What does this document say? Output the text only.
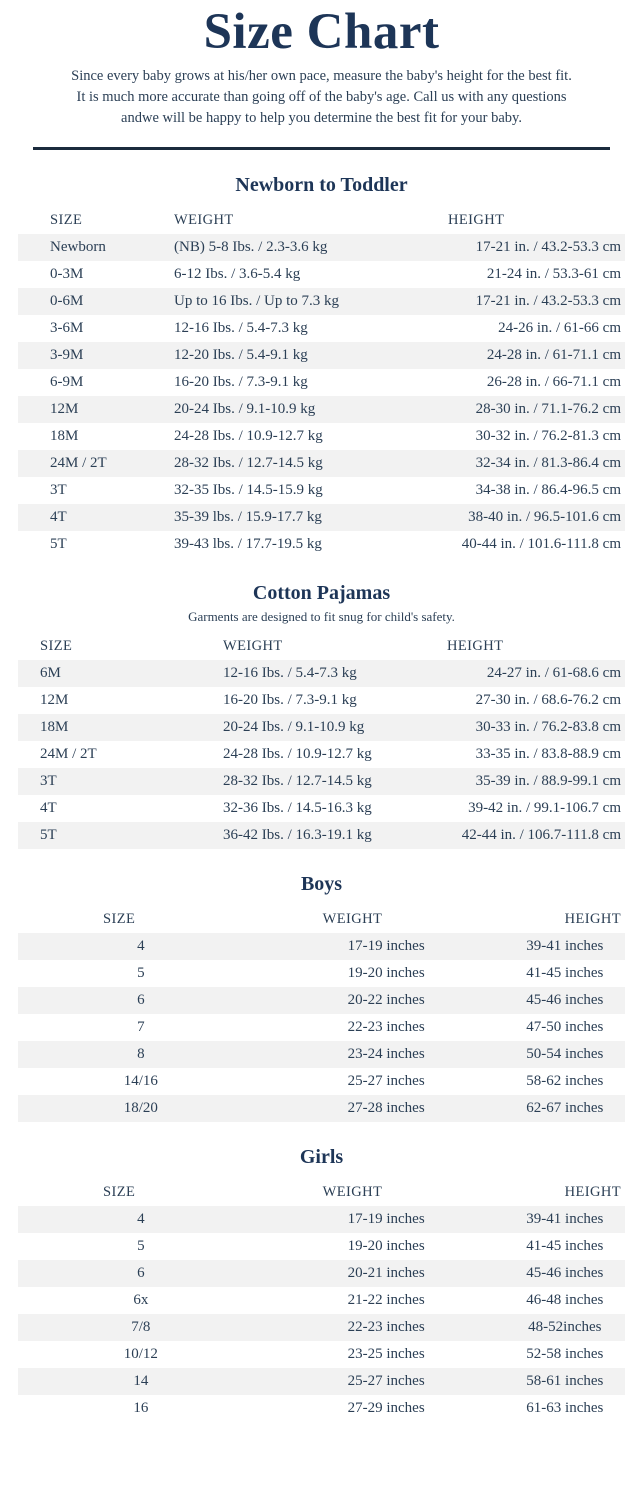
Size Chart
Since every baby grows at his/her own pace, measure the baby's height for the best fit.
It is much more accurate than going off of the baby's age. Call us with any questions
andwe will be happy to help you determine the best fit for your baby.
Newborn to Toddler
SIZE	WEIGHT	HEIGHT
Newborn	(NB) 5-8 Ibs. / 2.3-3.6 kg	17-21 in. / 43.2-53.3 cm
0-3M	6-12 Ibs. / 3.6-5.4 kg	21-24 in. / 53.3-61 cm
0-6M	Up to 16 Ibs. / Up to 7.3 kg	17-21 in. / 43.2-53.3 cm
3-6M	12-16 Ibs. / 5.4-7.3 kg	24-26 in. / 61-66 cm
3-9M	12-20 Ibs. / 5.4-9.1 kg	24-28 in. / 61-71.1 cm
6-9M	16-20 Ibs. / 7.3-9.1 kg	26-28 in. / 66-71.1 cm
12M	20-24 Ibs. / 9.1-10.9 kg	28-30 in. / 71.1-76.2 cm
18M	24-28 Ibs. / 10.9-12.7 kg	30-32 in. / 76.2-81.3 cm
24M / 2T	28-32 Ibs. / 12.7-14.5 kg	32-34 in. / 81.3-86.4 cm
3T	32-35 Ibs. / 14.5-15.9 kg	34-38 in. / 86.4-96.5 cm
4T	35-39 lbs. / 15.9-17.7 kg	38-40 in. / 96.5-101.6 cm
5T	39-43 lbs. / 17.7-19.5 kg	40-44 in. / 101.6-111.8 cm
Cotton Pajamas
Garments are designed to fit snug for child's safety.
SIZE	WEIGHT	HEIGHT
6M	12-16 Ibs. / 5.4-7.3 kg	24-27 in. / 61-68.6 cm
12M	16-20 Ibs. / 7.3-9.1 kg	27-30 in. / 68.6-76.2 cm
18M	20-24 Ibs. / 9.1-10.9 kg	30-33 in. / 76.2-83.8 cm
24M / 2T	24-28 Ibs. / 10.9-12.7 kg	33-35 in. / 83.8-88.9 cm
3T	28-32 Ibs. / 12.7-14.5 kg	35-39 in. / 88.9-99.1 cm
4T	32-36 Ibs. / 14.5-16.3 kg	39-42 in. / 99.1-106.7 cm
5T	36-42 Ibs. / 16.3-19.1 kg	42-44 in. / 106.7-111.8 cm
Boys
SIZE	WEIGHT	HEIGHT
4	17-19 inches	39-41 inches
5	19-20 inches	41-45 inches
6	20-22 inches	45-46 inches
7	22-23 inches	47-50 inches
8	23-24 inches	50-54 inches
14/16	25-27 inches	58-62 inches
18/20	27-28 inches	62-67 inches
Girls
SIZE	WEIGHT	HEIGHT
4	17-19 inches	39-41 inches
5	19-20 inches	41-45 inches
6	20-21 inches	45-46 inches
6x	21-22 inches	46-48 inches
7/8	22-23 inches	48-52inches
10/12	23-25 inches	52-58 inches
14	25-27 inches	58-61 inches
16	27-29 inches	61-63 inches
